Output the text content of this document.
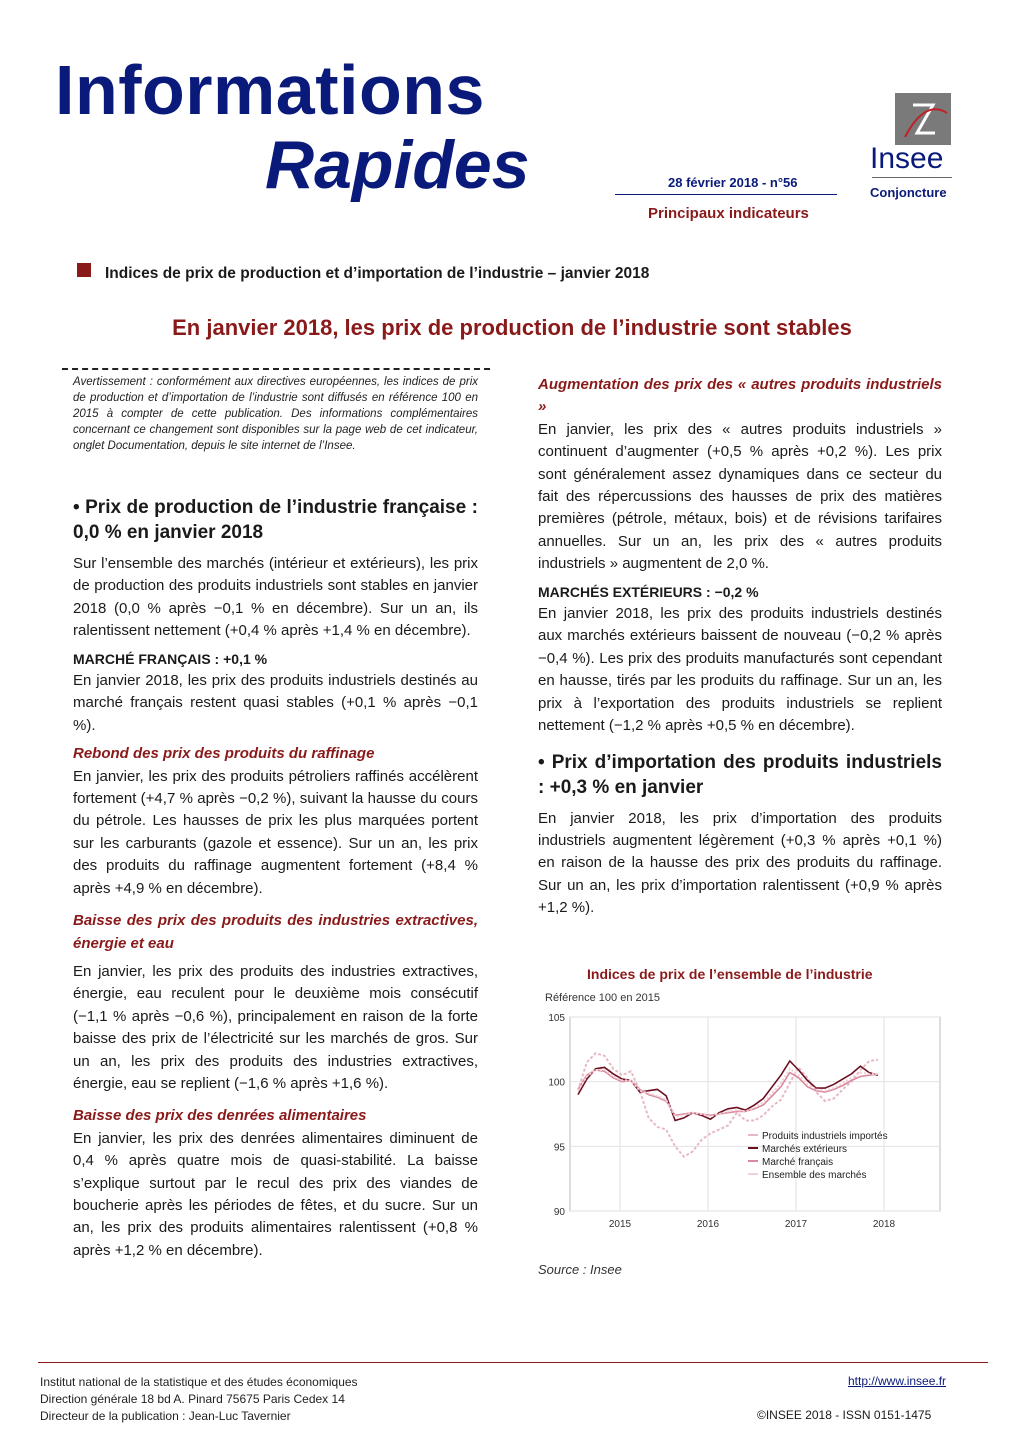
Informations
Rapides	28 février 2018 - n°56
Principaux indicateurs
Insee
Conjoncture
Indices de prix de production et d’importation de l’industrie – janvier 2018
En janvier 2018, les prix de production de l’industrie sont stables
Avertissement : conformément aux directives européennes, les indices de prix de production et d’importation de l’industrie sont diffusés en référence 100 en 2015 à compter de cette publication. Des informations complémentaires concernant ce changement sont disponibles sur la page web de cet indicateur, onglet Documentation, depuis le site internet de l’Insee.
• Prix de production de l’industrie française : 0,0 % en janvier 2018

Sur l’ensemble des marchés (intérieur et extérieurs), les prix de production des produits industriels sont stables en janvier 2018 (0,0 % après −0,1 % en décembre). Sur un an, ils ralentissent nettement (+0,4 % après +1,4 % en décembre).

MARCHÉ FRANÇAIS : +0,1 %

En janvier 2018, les prix des produits industriels destinés au marché français restent quasi stables (+0,1 % après −0,1 %).

Rebond des prix des produits du raffinage

En janvier, les prix des produits pétroliers raffinés accélèrent fortement (+4,7 % après −0,2 %), suivant la hausse du cours du pétrole. Les hausses de prix les plus marquées portent sur les carburants (gazole et essence). Sur un an, les prix des produits du raffinage augmentent fortement (+8,4 % après +4,9 % en décembre).

Baisse des prix des produits des industries extractives, énergie et eau

En janvier, les prix des produits des industries extractives, énergie, eau reculent pour le deuxième mois consécutif (−1,1 % après −0,6 %), principalement en raison de la forte baisse des prix de l’électricité sur les marchés de gros. Sur un an, les prix des produits des industries extractives, énergie, eau se replient (−1,6 % après +1,6 %).

Baisse des prix des denrées alimentaires

En janvier, les prix des denrées alimentaires diminuent de 0,4 % après quatre mois de quasi-stabilité. La baisse s’explique surtout par le recul des prix des viandes de boucherie après les périodes de fêtes, et du sucre. Sur un an, les prix des produits alimentaires ralentissent (+0,8 % après +1,2 % en décembre).

Augmentation des prix des « autres produits industriels »

En janvier, les prix des « autres produits industriels » continuent d’augmenter (+0,5 % après +0,2 %). Les prix sont généralement assez dynamiques dans ce secteur du fait des répercussions des hausses de prix des matières premières (pétrole, métaux, bois) et de révisions tarifaires annuelles. Sur un an, les prix des « autres produits industriels » augmentent de 2,0 %.

MARCHÉS EXTÉRIEURS : −0,2 %

En janvier 2018, les prix des produits industriels destinés aux marchés extérieurs baissent de nouveau (−0,2 % après −0,4 %). Les prix des produits manufacturés sont cependant en hausse, tirés par les produits du raffinage. Sur un an, les prix à l’exportation des produits industriels se replient nettement (−1,2 % après +0,5 % en décembre).

• Prix d’importation des produits industriels : +0,3 % en janvier

En janvier 2018, les prix d’importation des produits industriels augmentent légèrement (+0,3 % après +0,1 %) en raison de la hausse des prix des produits du raffinage. Sur un an, les prix d’importation ralentissent (+0,9 % après +1,2 %).

Indices de prix de l’ensemble de l’industrie
Référence 100 en 2015
90
95
100
105
2015	2016	2017	2018
Produits industriels importés
Marchés extérieurs
Marché français
Ensemble des marchés
Source : Insee
Institut national de la statistique et des études économiques
Direction générale 18 bd A. Pinard 75675 Paris Cedex 14
Directeur de la publication : Jean-Luc Tavernier
http://www.insee.fr
©INSEE 2018 - ISSN 0151-1475
